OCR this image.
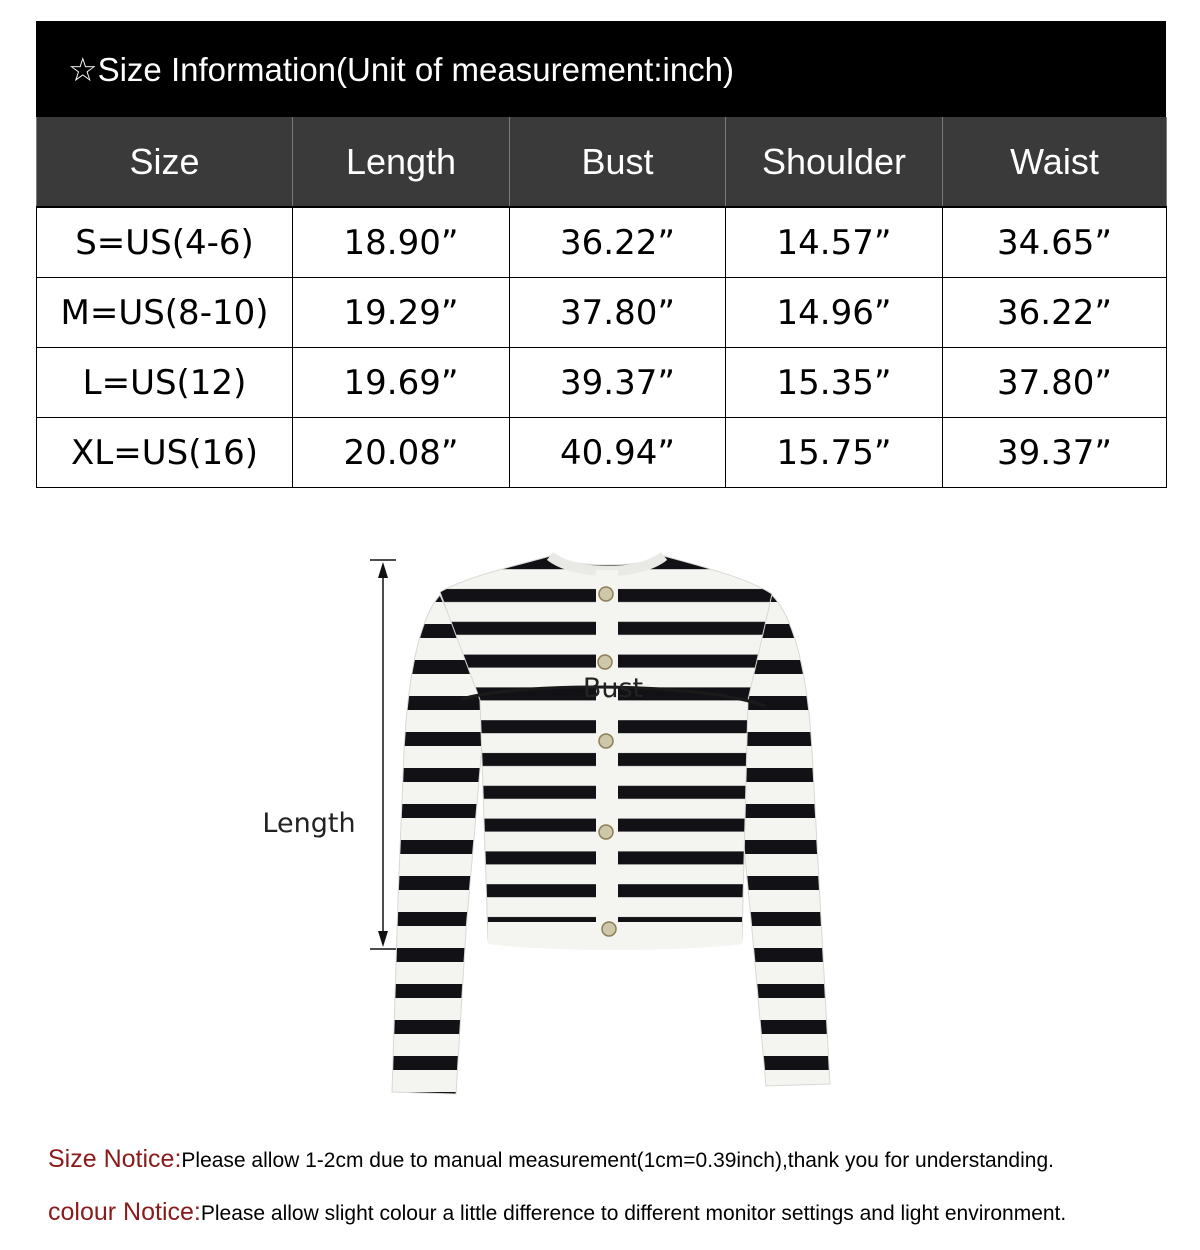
☆Size Information(Unit of measurement:inch)
Size	Length	Bust	Shoulder	Waist
S=US(4-6)	18.90”	36.22”	14.57”	34.65”
M=US(8-10)	19.29”	37.80”	14.96”	36.22”
L=US(12)	19.69”	39.37”	15.35”	37.80”
XL=US(16)	20.08”	40.94”	15.75”	39.37”
Bust
Length
Size Notice:Please allow 1-2cm due to manual measurement(1cm=0.39inch),thank you for understanding.
colour Notice:Please allow slight colour a little difference to different monitor settings and light environment.
